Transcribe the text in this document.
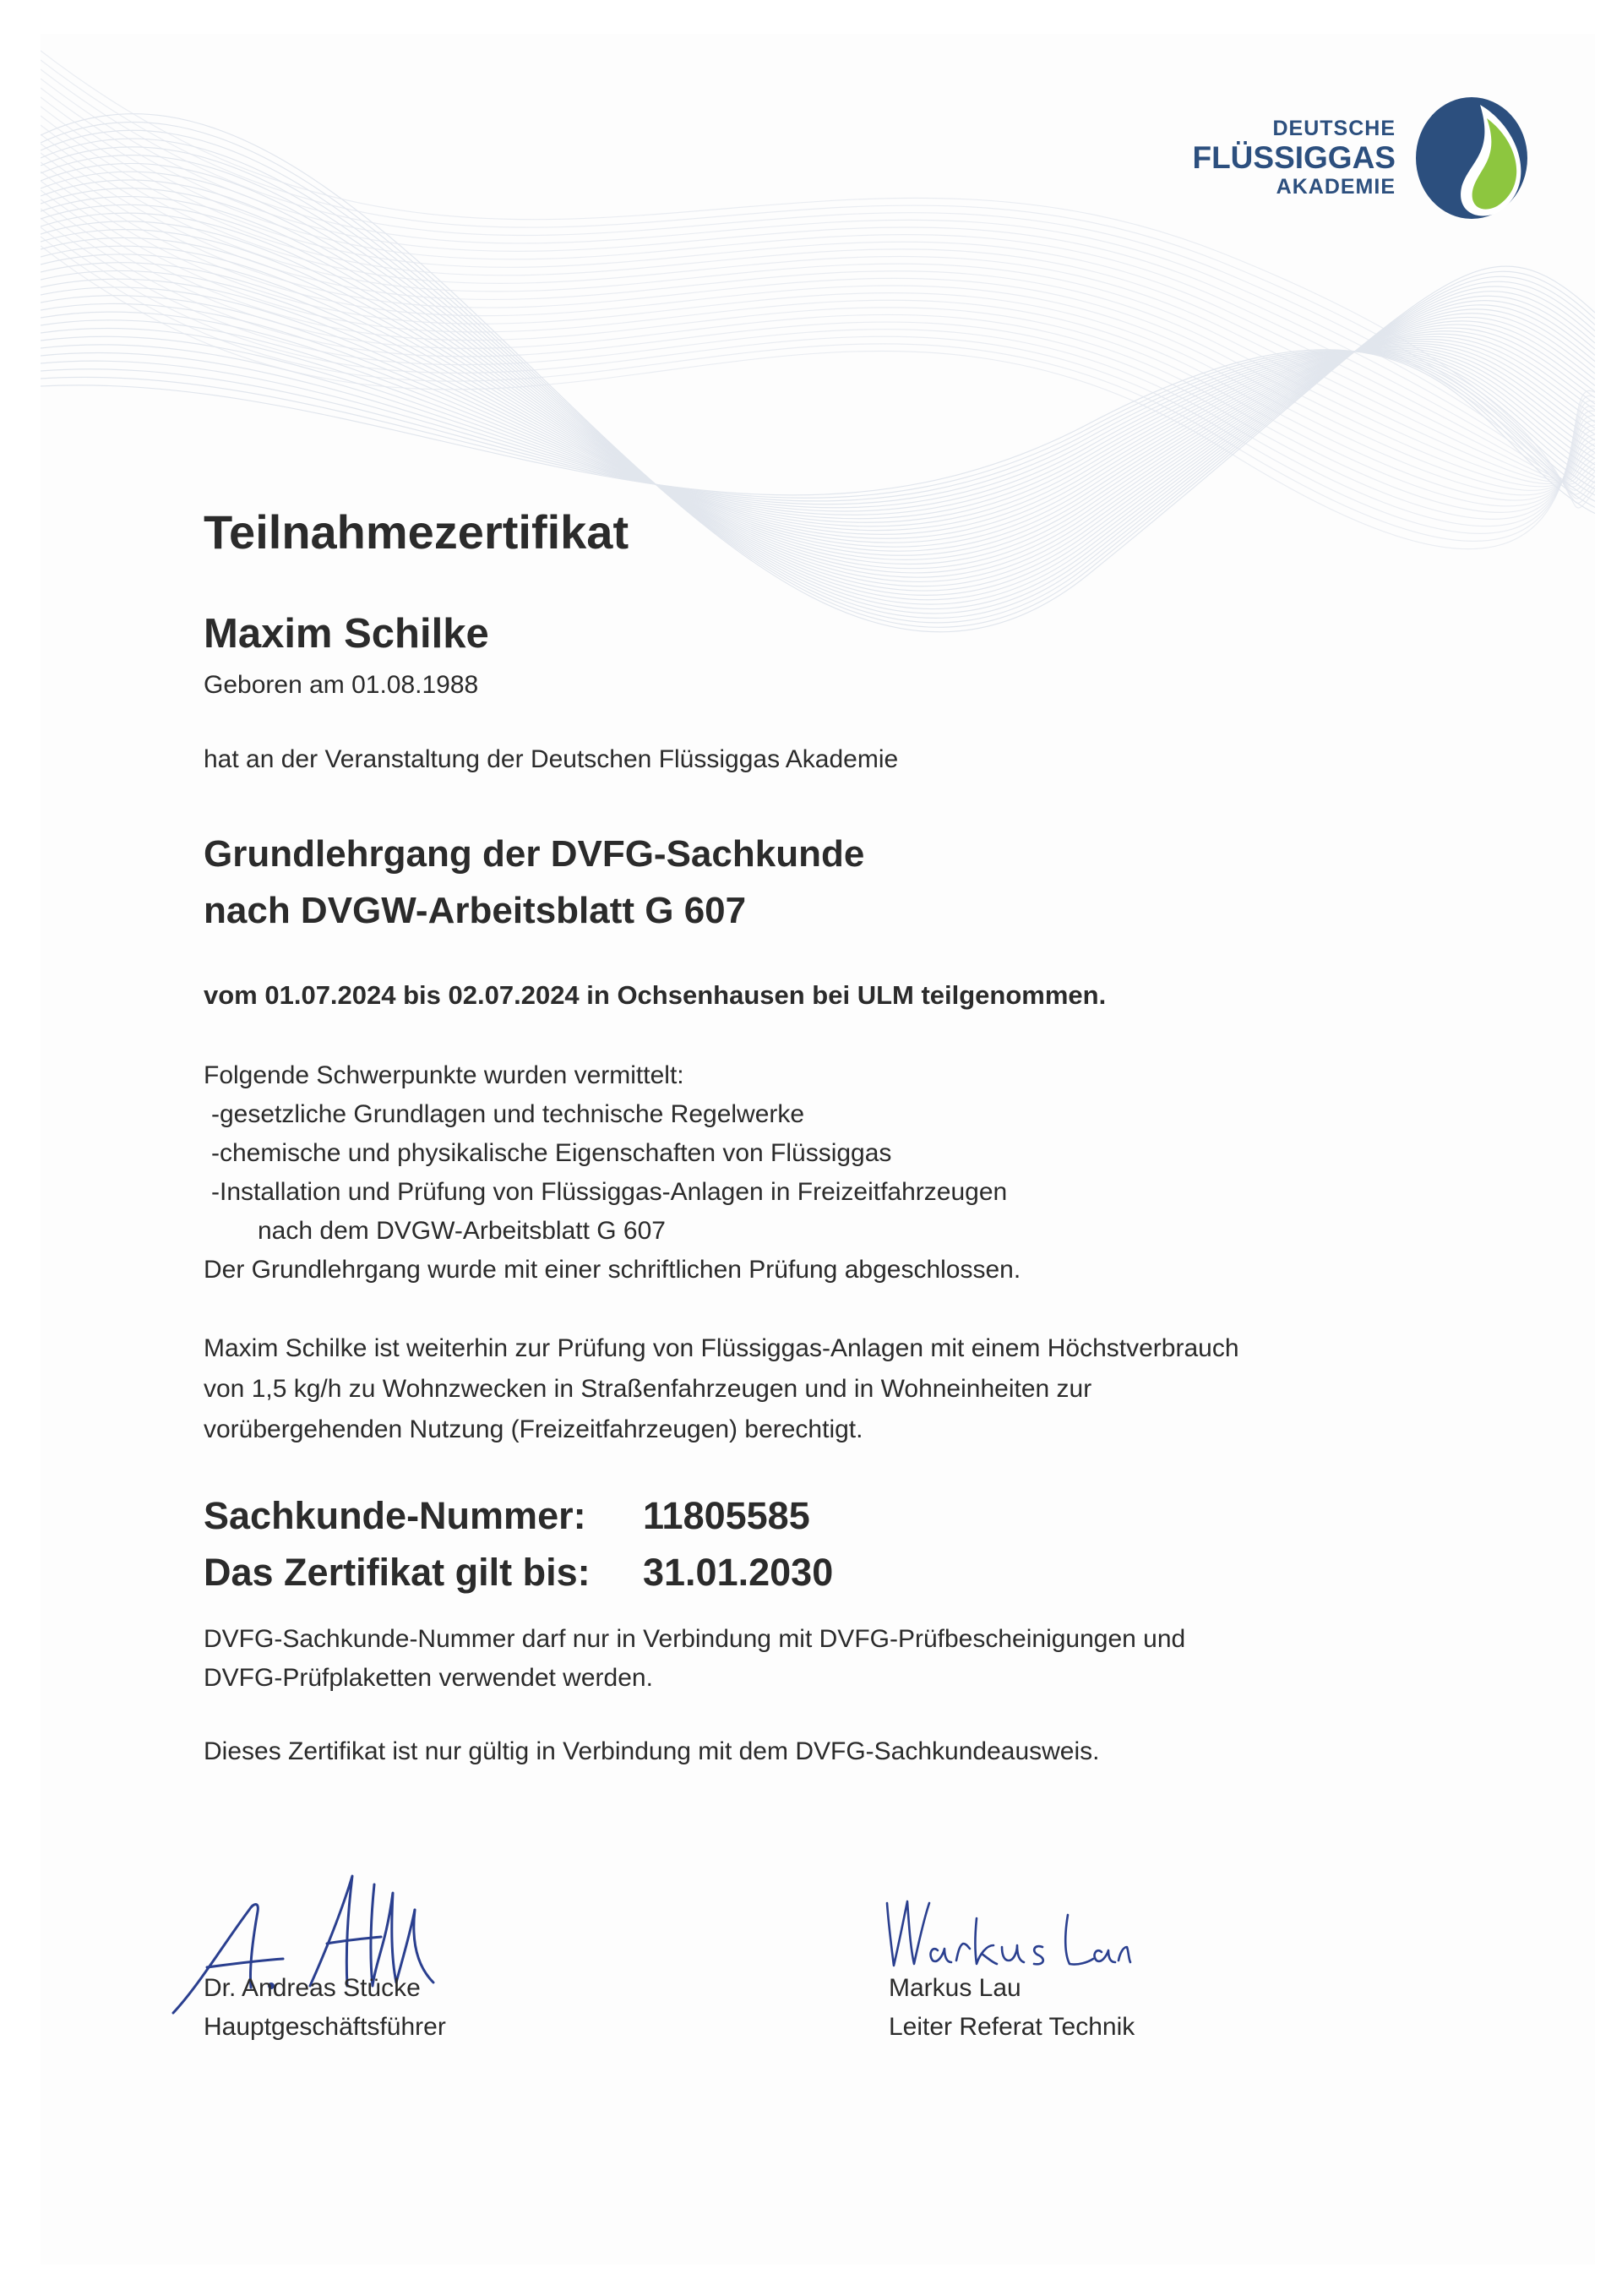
DEUTSCHE
FLÜSSIGGAS
AKADEMIE
Teilnahmezertifikat
Maxim Schilke
Geboren am 01.08.1988
hat an der Veranstaltung der Deutschen Flüssiggas Akademie
Grundlehrgang der DVFG-Sachkunde
nach DVGW-Arbeitsblatt G 607
vom 01.07.2024 bis 02.07.2024 in Ochsenhausen bei ULM teilgenommen.
Folgende Schwerpunkte wurden vermittelt:
-gesetzliche Grundlagen und technische Regelwerke
-chemische und physikalische Eigenschaften von Flüssiggas
-Installation und Prüfung von Flüssiggas-Anlagen in Freizeitfahrzeugen
nach dem DVGW-Arbeitsblatt G 607
Der Grundlehrgang wurde mit einer schriftlichen Prüfung abgeschlossen.
Maxim Schilke ist weiterhin zur Prüfung von Flüssiggas-Anlagen mit einem Höchstverbrauch
von 1,5 kg/h zu Wohnzwecken in Straßenfahrzeugen und in Wohneinheiten zur
vorübergehenden Nutzung (Freizeitfahrzeugen) berechtigt.
Sachkunde-Nummer: 11805585
Das Zertifikat gilt bis: 31.01.2030
DVFG-Sachkunde-Nummer darf nur in Verbindung mit DVFG-Prüfbescheinigungen und
DVFG-Prüfplaketten verwendet werden.
Dieses Zertifikat ist nur gültig in Verbindung mit dem DVFG-Sachkundeausweis.
Dr. Andreas Stücke
Hauptgeschäftsführer
Markus Lau
Leiter Referat Technik
